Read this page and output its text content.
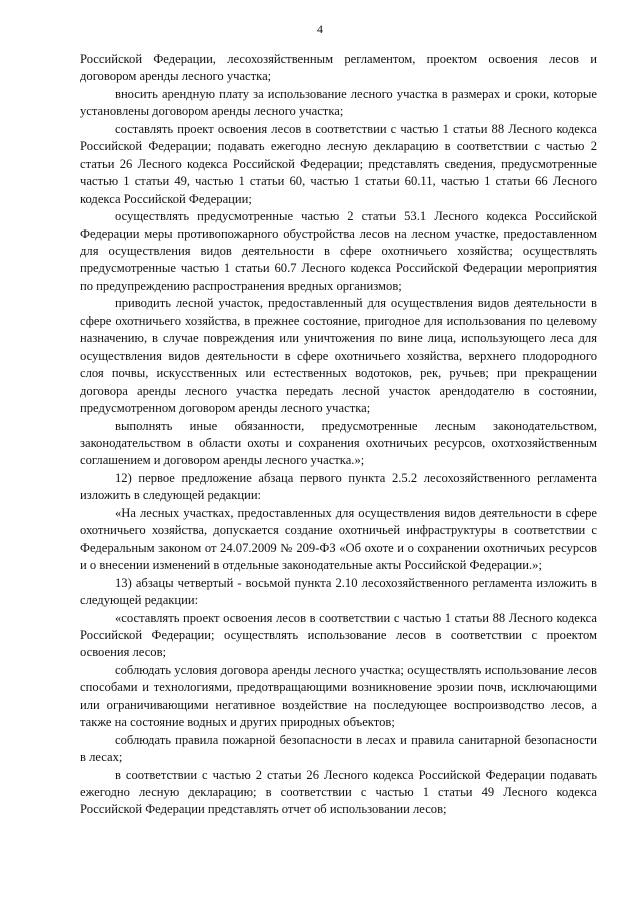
4

Российской Федерации, лесохозяйственным регламентом, проектом освоения лесов и договором аренды лесного участка;

вносить арендную плату за использование лесного участка в размерах и сроки, которые установлены договором аренды лесного участка;

составлять проект освоения лесов в соответствии с частью 1 статьи 88 Лесного кодекса Российской Федерации; подавать ежегодно лесную декларацию в соответствии с частью 2 статьи 26 Лесного кодекса Российской Федерации; представлять сведения, предусмотренные частью 1 статьи 49, частью 1 статьи 60, частью 1 статьи 60.11, частью 1 статьи 66 Лесного кодекса Российской Федерации;

осуществлять предусмотренные частью 2 статьи 53.1 Лесного кодекса Российской Федерации меры противопожарного обустройства лесов на лесном участке, предоставленном для осуществления видов деятельности в сфере охотничьего хозяйства; осуществлять предусмотренные частью 1 статьи 60.7 Лесного кодекса Российской Федерации мероприятия по предупреждению распространения вредных организмов;

приводить лесной участок, предоставленный для осуществления видов деятельности в сфере охотничьего хозяйства, в прежнее состояние, пригодное для использования по целевому назначению, в случае повреждения или уничтожения по вине лица, использующего леса для осуществления видов деятельности в сфере охотничьего хозяйства, верхнего плодородного слоя почвы, искусственных или естественных водотоков, рек, ручьев; при прекращении договора аренды лесного участка передать лесной участок арендодателю в состоянии, предусмотренном договором аренды лесного участка;

выполнять иные обязанности, предусмотренные лесным законодательством, законодательством в области охоты и сохранения охотничьих ресурсов, охотхозяйственным соглашением и договором аренды лесного участка.»;

12) первое предложение абзаца первого пункта 2.5.2 лесохозяйственного регламента изложить в следующей редакции:

«На лесных участках, предоставленных для осуществления видов деятельности в сфере охотничьего хозяйства, допускается создание охотничьей инфраструктуры в соответствии с Федеральным законом от 24.07.2009 № 209-ФЗ «Об охоте и о сохранении охотничьих ресурсов и о внесении изменений в отдельные законодательные акты Российской Федерации.»;

13) абзацы четвертый - восьмой пункта 2.10 лесохозяйственного регламента изложить в следующей редакции:

«составлять проект освоения лесов в соответствии с частью 1 статьи 88 Лесного кодекса Российской Федерации; осуществлять использование лесов в соответствии с проектом освоения лесов;

соблюдать условия договора аренды лесного участка; осуществлять использование лесов способами и технологиями, предотвращающими возникновение эрозии почв, исключающими или ограничивающими негативное воздействие на последующее воспроизводство лесов, а также на состояние водных и других природных объектов;

соблюдать правила пожарной безопасности в лесах и правила санитарной безопасности в лесах;

в соответствии с частью 2 статьи 26 Лесного кодекса Российской Федерации подавать ежегодно лесную декларацию; в соответствии с частью 1 статьи 49 Лесного кодекса Российской Федерации представлять отчет об использовании лесов;
